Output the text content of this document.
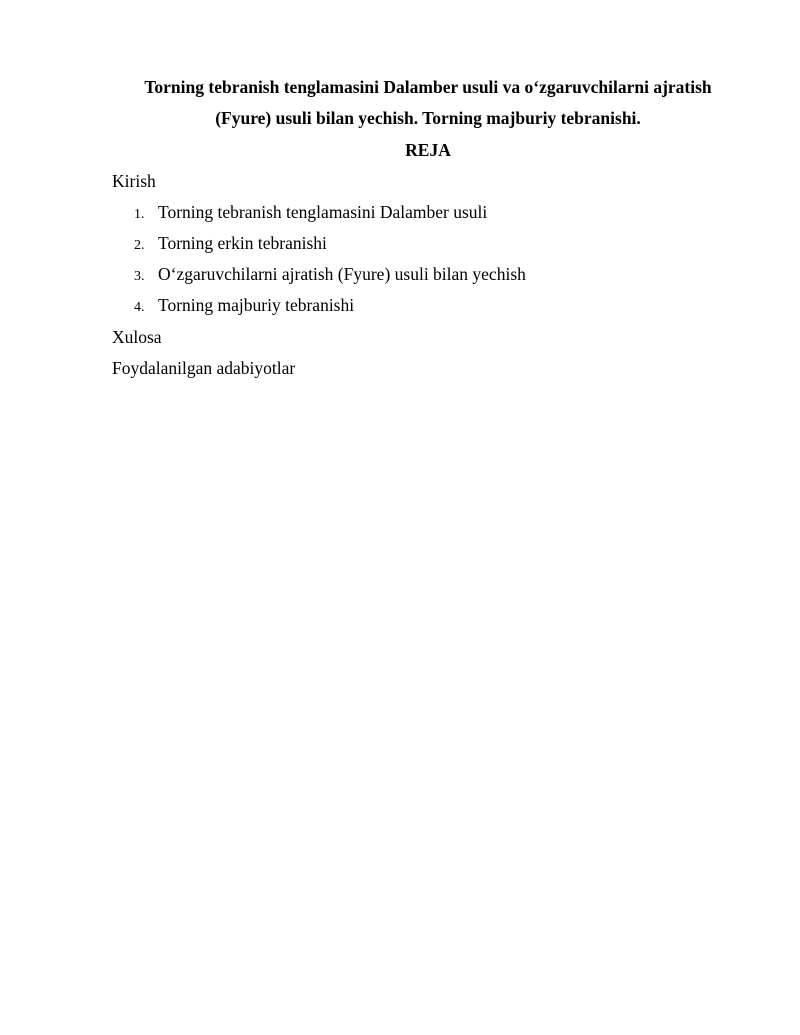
Torning tebranish tenglamasini Dalamber usuli va o‘zgaruvchilarni ajratish
(Fyure) usuli bilan yechish. Torning majburiy tebranishi.
REJA
Kirish
1. Torning tebranish tenglamasini Dalamber usuli
2. Torning erkin tebranishi
3. O‘zgaruvchilarni ajratish (Fyure) usuli bilan yechish
4. Torning majburiy tebranishi
Xulosa
Foydalanilgan adabiyotlar
